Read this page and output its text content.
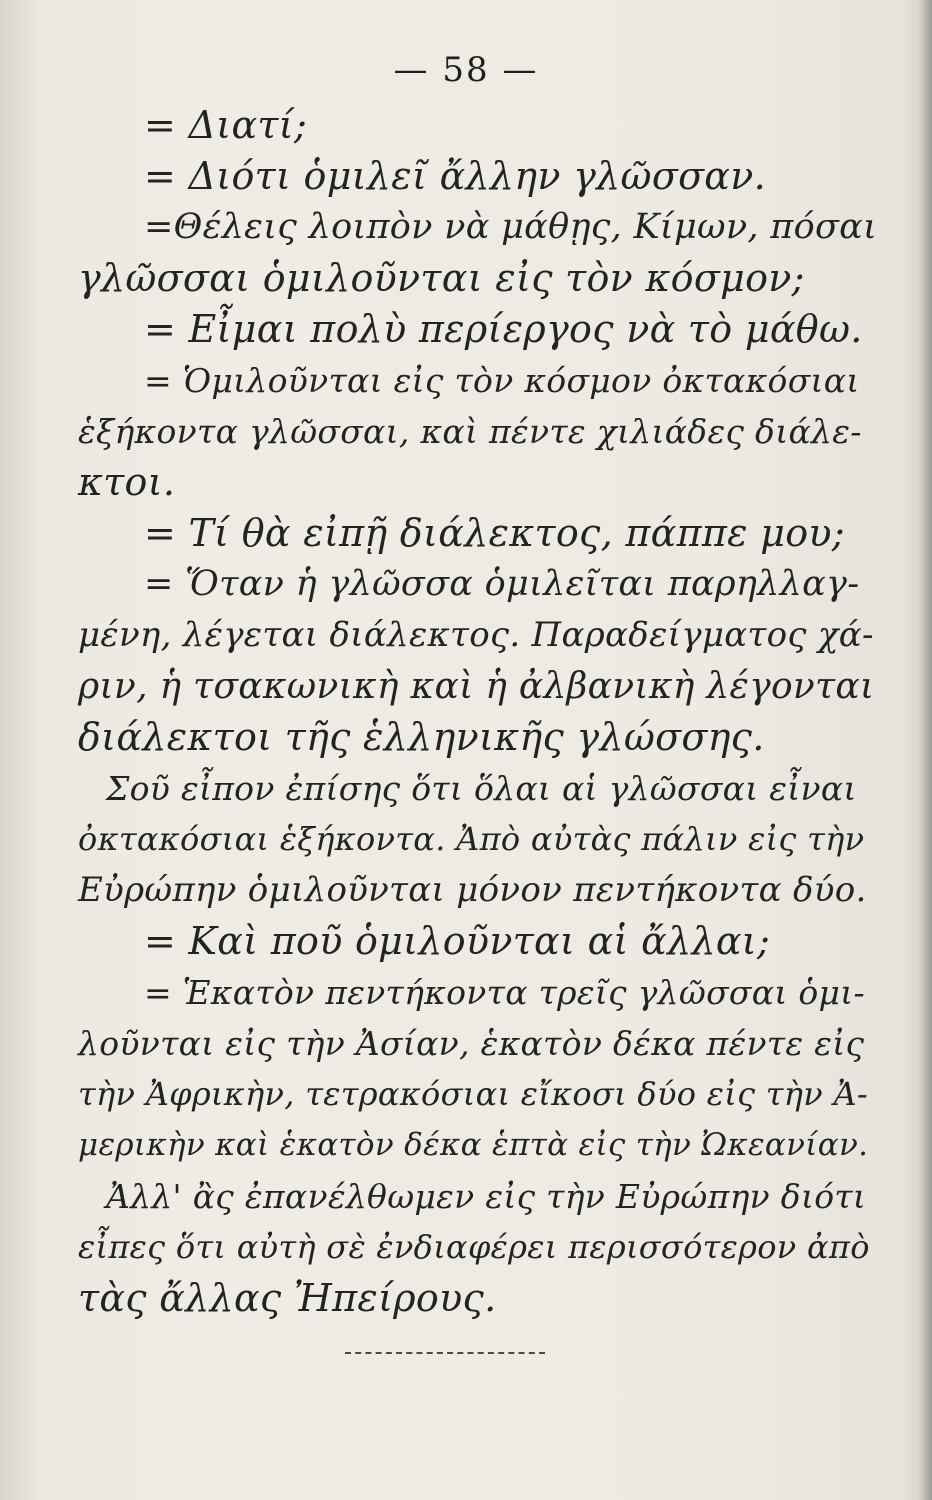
— 58 —
= Διατί;
= Διότι ὁμιλεῖ ἄλλην γλῶσσαν.
=Θέλεις λοιπὸν νὰ μάθῃς, Κίμων, πόσαι
γλῶσσαι ὁμιλοῦνται εἰς τὸν κόσμον;
= Εἶμαι πολὺ περίεργος νὰ τὸ μάθω.
= Ὁμιλοῦνται εἰς τὸν κόσμον ὀκτακόσιαι
ἑξήκοντα γλῶσσαι, καὶ πέντε χιλιάδες διάλε-
κτοι.
= Τί θὰ εἰπῇ διάλεκτος, πάππε μου;
= Ὅταν ἡ γλῶσσα ὁμιλεῖται παρηλλαγ-
μένη, λέγεται διάλεκτος. Παραδείγματος χά-
ριν, ἡ τσακωνικὴ καὶ ἡ ἀλβανικὴ λέγονται
διάλεκτοι τῆς ἑλληνικῆς γλώσσης.
Σοῦ εἶπον ἐπίσης ὅτι ὅλαι αἱ γλῶσσαι εἶναι
ὀκτακόσιαι ἑξήκοντα. Ἀπὸ αὐτὰς πάλιν εἰς τὴν
Εὐρώπην ὁμιλοῦνται μόνον πεντήκοντα δύο.
= Καὶ ποῦ ὁμιλοῦνται αἱ ἄλλαι;
= Ἑκατὸν πεντήκοντα τρεῖς γλῶσσαι ὁμι-
λοῦνται εἰς τὴν Ἀσίαν, ἑκατὸν δέκα πέντε εἰς
τὴν Ἀφρικὴν, τετρακόσιαι εἴκοσι δύο εἰς τὴν Ἀ-
μερικὴν καὶ ἑκατὸν δέκα ἑπτὰ εἰς τὴν Ὠκεανίαν.
Ἀλλ' ἂς ἐπανέλθωμεν εἰς τὴν Εὐρώπην διότι
εἶπες ὅτι αὐτὴ σὲ ἐνδιαφέρει περισσότερον ἀπὸ
τὰς ἄλλας Ἠπείρους.
